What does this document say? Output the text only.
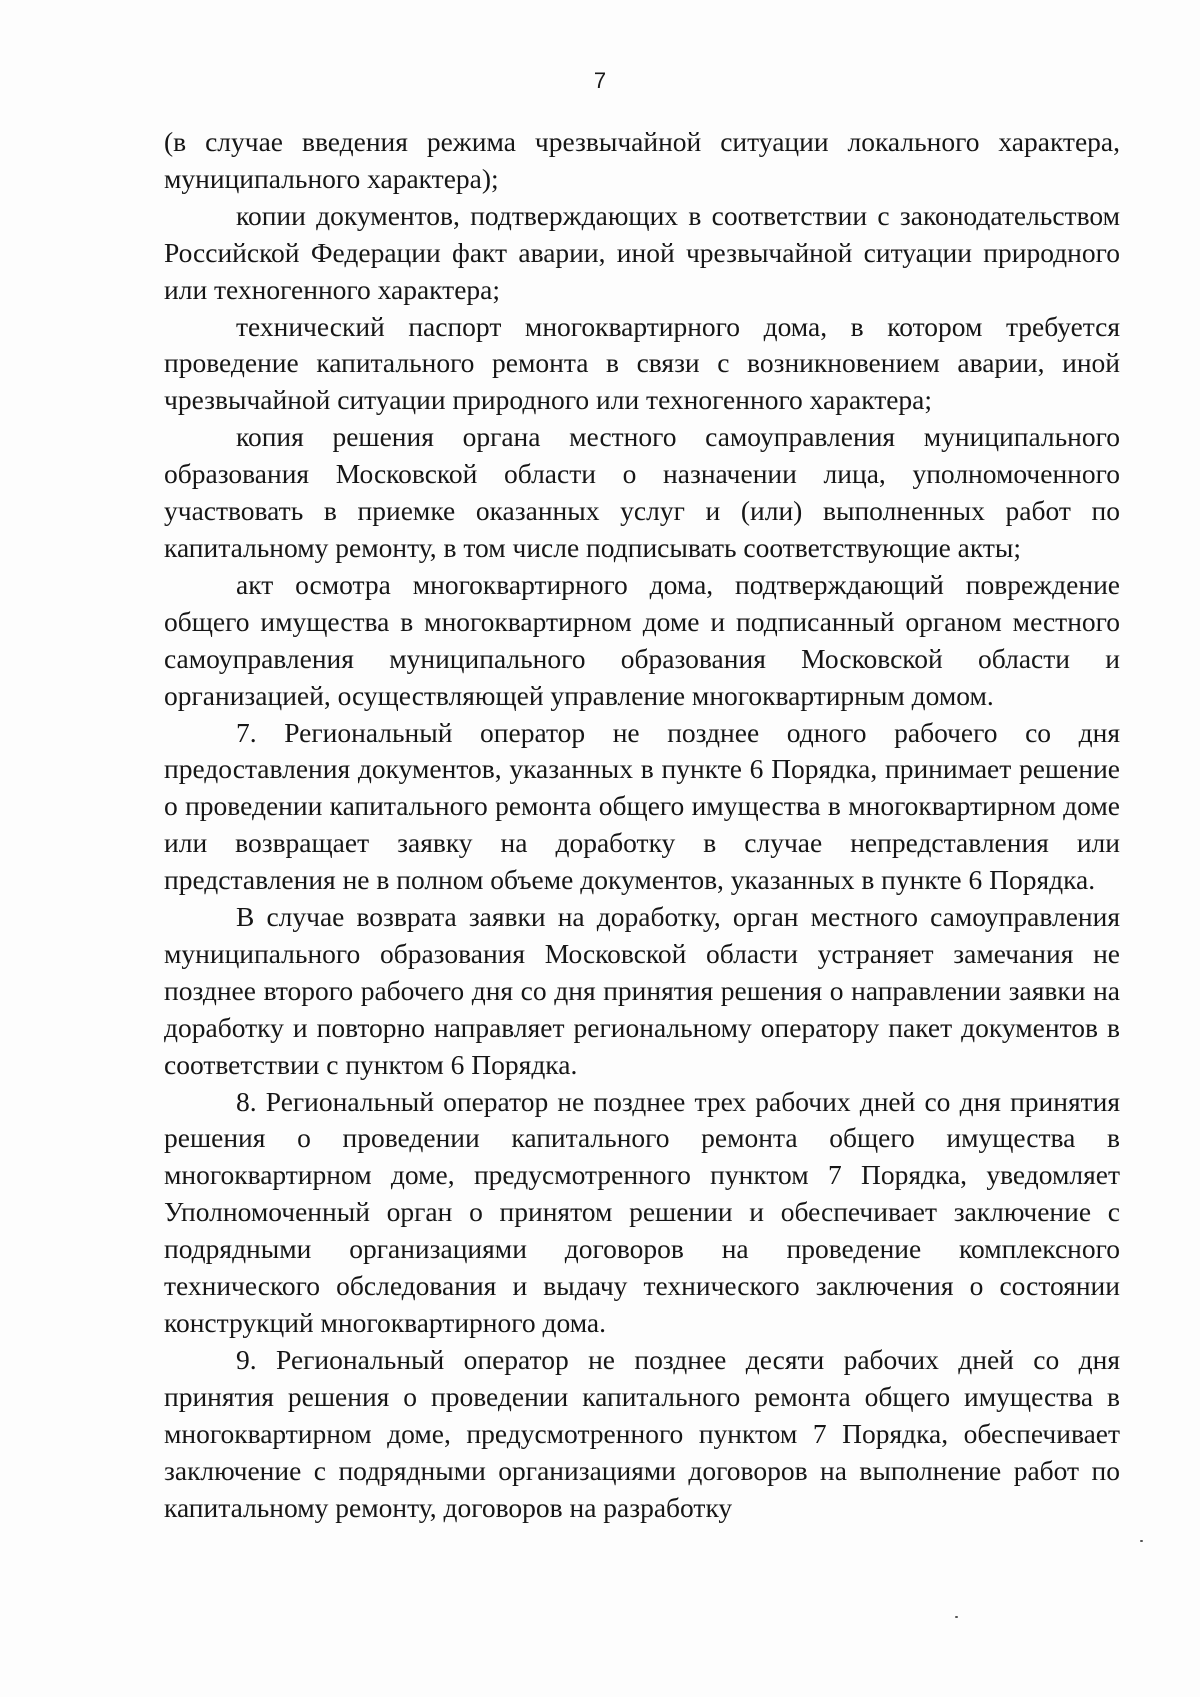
7

(в случае введения режима чрезвычайной ситуации локального характера, муниципального характера);

копии документов, подтверждающих в соответствии с законодательством Российской Федерации факт аварии, иной чрезвычайной ситуации природного или техногенного характера;

технический паспорт многоквартирного дома, в котором требуется проведение капитального ремонта в связи с возникновением аварии, иной чрезвычайной ситуации природного или техногенного характера;

копия решения органа местного самоуправления муниципального образования Московской области о назначении лица, уполномоченного участвовать в приемке оказанных услуг и (или) выполненных работ по капитальному ремонту, в том числе подписывать соответствующие акты;

акт осмотра многоквартирного дома, подтверждающий повреждение общего имущества в многоквартирном доме и подписанный органом местного самоуправления муниципального образования Московской области и организацией, осуществляющей управление многоквартирным домом.

7. Региональный оператор не позднее одного рабочего со дня предоставления документов, указанных в пункте 6 Порядка, принимает решение о проведении капитального ремонта общего имущества в многоквартирном доме или возвращает заявку на доработку в случае непредставления или представления не в полном объеме документов, указанных в пункте 6 Порядка.

В случае возврата заявки на доработку, орган местного самоуправления муниципального образования Московской области устраняет замечания не позднее второго рабочего дня со дня принятия решения о направлении заявки на доработку и повторно направляет региональному оператору пакет документов в соответствии с пунктом 6 Порядка.

8. Региональный оператор не позднее трех рабочих дней со дня принятия решения о проведении капитального ремонта общего имущества в многоквартирном доме, предусмотренного пунктом 7 Порядка, уведомляет Уполномоченный орган о принятом решении и обеспечивает заключение с подрядными организациями договоров на проведение комплексного технического обследования и выдачу технического заключения о состоянии конструкций многоквартирного дома.

9. Региональный оператор не позднее десяти рабочих дней со дня принятия решения о проведении капитального ремонта общего имущества в многоквартирном доме, предусмотренного пунктом 7 Порядка, обеспечивает заключение с подрядными организациями договоров на выполнение работ по капитальному ремонту, договоров на разработку
